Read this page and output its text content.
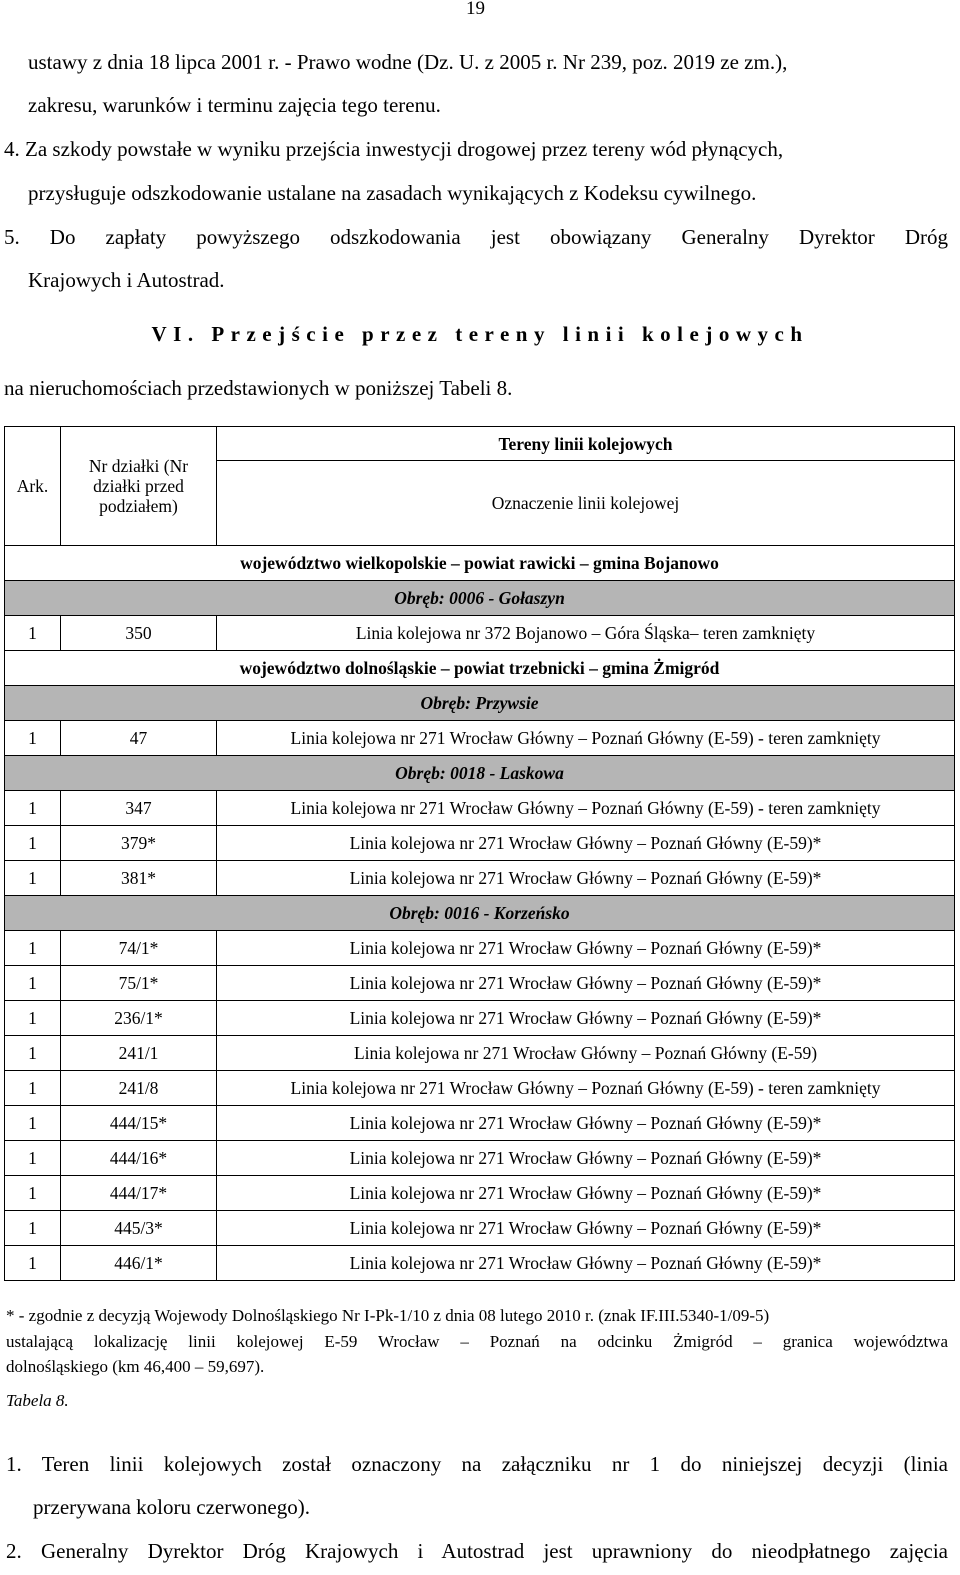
19
ustawy z dnia 18 lipca 2001 r. - Prawo wodne (Dz. U. z 2005 r. Nr 239, poz. 2019 ze zm.),
zakresu, warunków i terminu zajęcia tego terenu.
4. Za szkody powstałe w wyniku przejścia inwestycji drogowej przez tereny wód płynących,
przysługuje odszkodowanie ustalane na zasadach wynikających z Kodeksu cywilnego.
5. Do zapłaty powyższego odszkodowania jest obowiązany Generalny Dyrektor Dróg
Krajowych i Autostrad.
VI. Przejście przez tereny linii kolejowych
na nieruchomościach przedstawionych w poniższej Tabeli 8.
Ark.	Nr działki (Nr działki przed podziałem)	Tereny linii kolejowych
		Oznaczenie linii kolejowej
województwo wielkopolskie – powiat rawicki – gmina Bojanowo		
Obręb: 0006 - Gołaszyn		
1	350	Linia kolejowa nr 372 Bojanowo – Góra Śląska– teren zamknięty
województwo dolnośląskie – powiat trzebnicki – gmina Żmigród		
Obręb: Przywsie		
1	47	Linia kolejowa nr 271 Wrocław Główny – Poznań Główny (E-59) - teren zamknięty
Obręb: 0018 - Laskowa		
1	347	Linia kolejowa nr 271 Wrocław Główny – Poznań Główny (E-59) - teren zamknięty
1	379*	Linia kolejowa nr 271 Wrocław Główny – Poznań Główny (E-59)*
1	381*	Linia kolejowa nr 271 Wrocław Główny – Poznań Główny (E-59)*
Obręb: 0016 - Korzeńsko		
1	74/1*	Linia kolejowa nr 271 Wrocław Główny – Poznań Główny (E-59)*
1	75/1*	Linia kolejowa nr 271 Wrocław Główny – Poznań Główny (E-59)*
1	236/1*	Linia kolejowa nr 271 Wrocław Główny – Poznań Główny (E-59)*
1	241/1	Linia kolejowa nr 271 Wrocław Główny – Poznań Główny (E-59)
1	241/8	Linia kolejowa nr 271 Wrocław Główny – Poznań Główny (E-59) - teren zamknięty
1	444/15*	Linia kolejowa nr 271 Wrocław Główny – Poznań Główny (E-59)*
1	444/16*	Linia kolejowa nr 271 Wrocław Główny – Poznań Główny (E-59)*
1	444/17*	Linia kolejowa nr 271 Wrocław Główny – Poznań Główny (E-59)*
1	445/3*	Linia kolejowa nr 271 Wrocław Główny – Poznań Główny (E-59)*
1	446/1*	Linia kolejowa nr 271 Wrocław Główny – Poznań Główny (E-59)*
* - zgodnie z decyzją Wojewody Dolnośląskiego Nr I-Pk-1/10 z dnia 08 lutego 2010 r. (znak IF.III.5340-1/09-5)
ustalającą lokalizację linii kolejowej E-59 Wrocław – Poznań na odcinku Żmigród – granica województwa
dolnośląskiego (km 46,400 – 59,697).
Tabela 8.
1. Teren linii kolejowych został oznaczony na załączniku nr 1 do niniejszej decyzji (linia
przerywana koloru czerwonego).
2. Generalny Dyrektor Dróg Krajowych i Autostrad jest uprawniony do nieodpłatnego zajęcia
